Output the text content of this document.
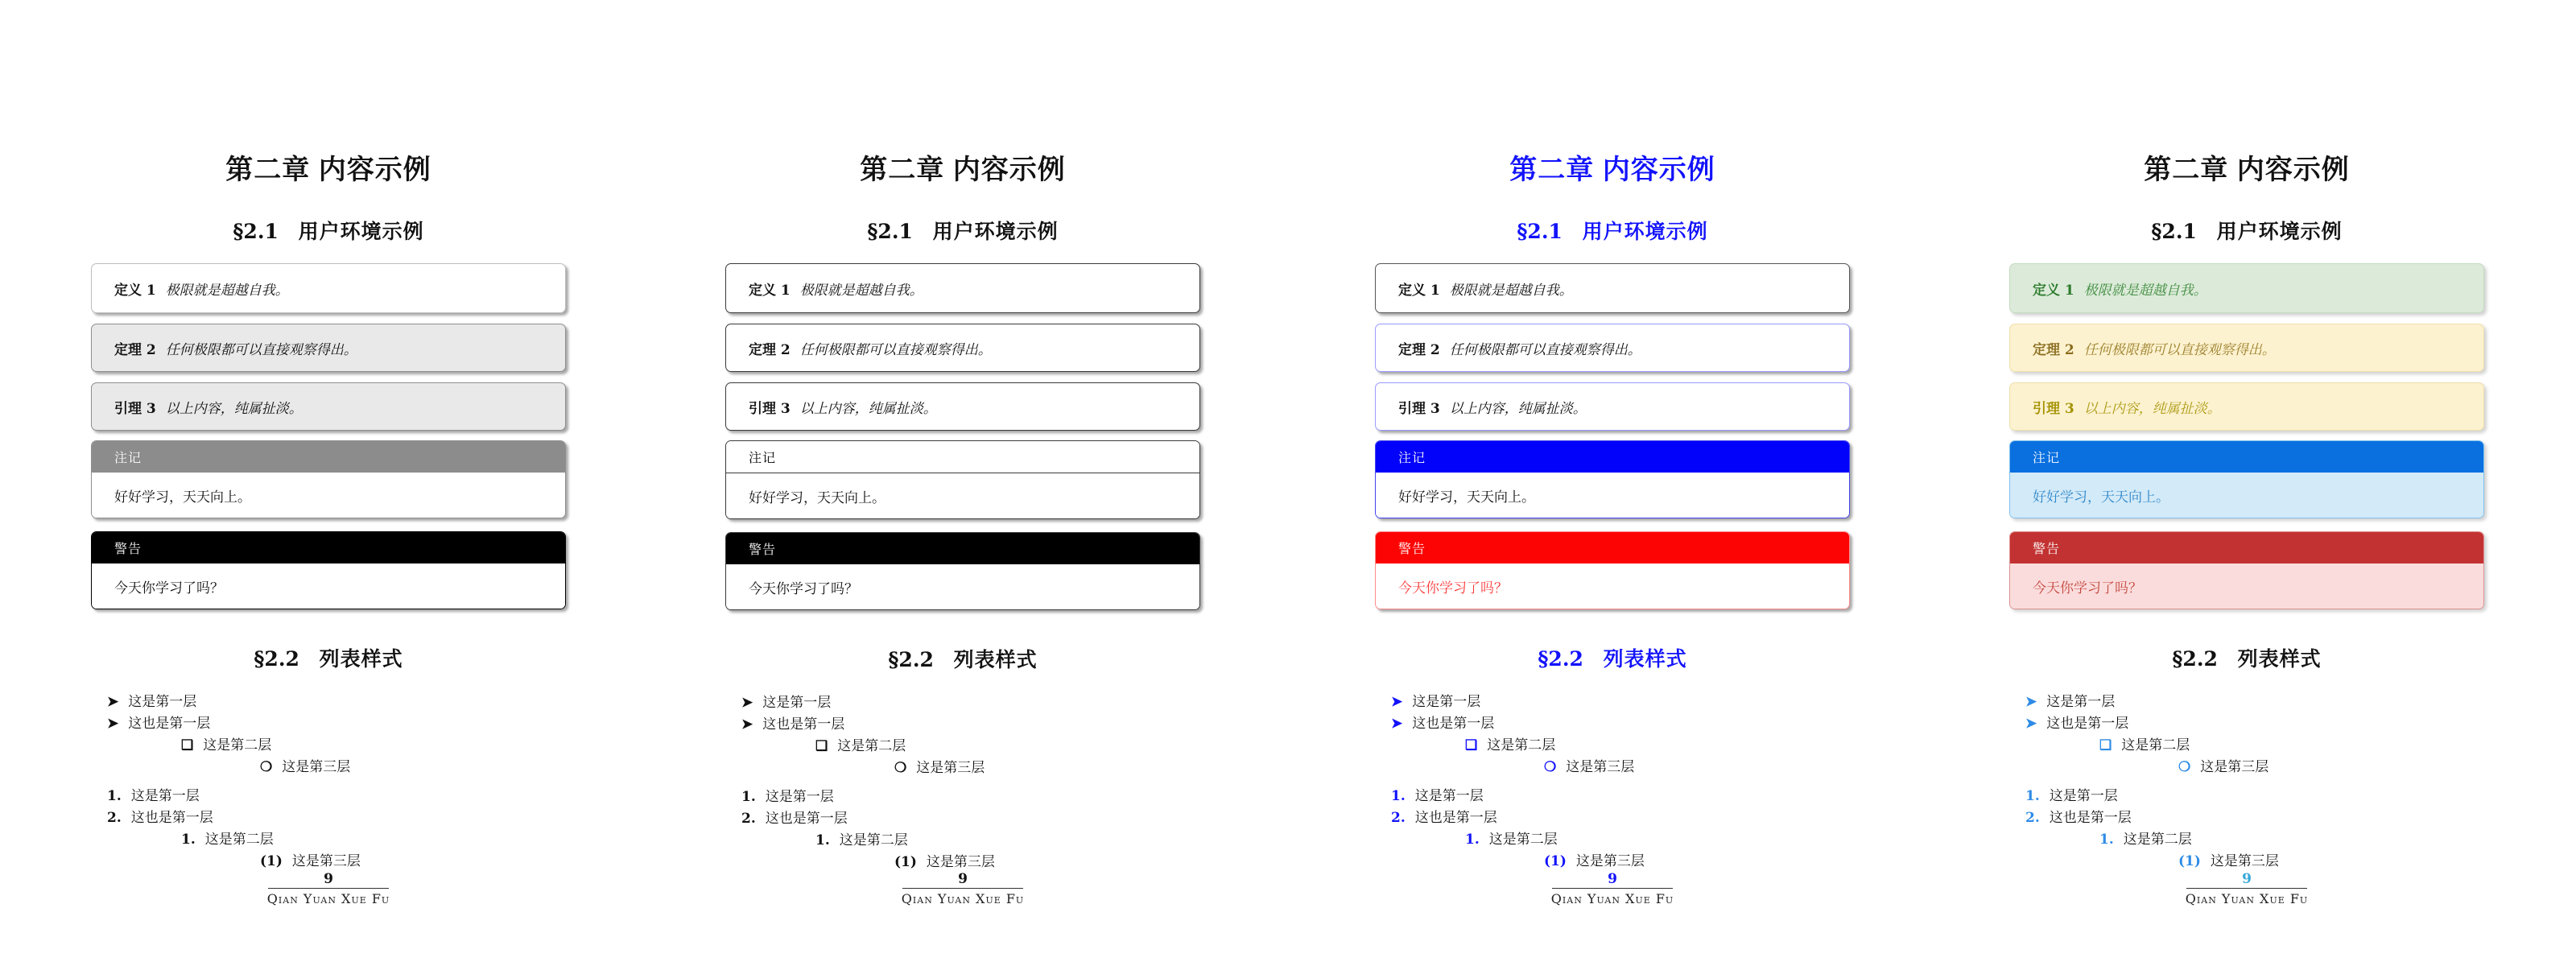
第二章 内容示例
§2.1 用户环境示例
定义 1 极限就是超越自我。
定理 2 任何极限都可以直接观察得出。
引理 3 以上内容，纯属扯淡。
注记
好好学习，天天向上。
警告
今天你学习了吗？
§2.2 列表样式
➤ 这是第一层
➤ 这也是第一层
❑ 这是第二层
❍ 这是第三层
1. 这是第一层
2. 这也是第一层
1. 这是第二层
(1) 这是第三层
9
Qian Yuan Xue Fu
第二章 内容示例
§2.1 用户环境示例
定义 1 极限就是超越自我。
定理 2 任何极限都可以直接观察得出。
引理 3 以上内容，纯属扯淡。
注记
好好学习，天天向上。
警告
今天你学习了吗？
§2.2 列表样式
➤ 这是第一层
➤ 这也是第一层
❑ 这是第二层
❍ 这是第三层
1. 这是第一层
2. 这也是第一层
1. 这是第二层
(1) 这是第三层
9
Qian Yuan Xue Fu
第二章 内容示例
§2.1 用户环境示例
定义 1 极限就是超越自我。
定理 2 任何极限都可以直接观察得出。
引理 3 以上内容，纯属扯淡。
注记
好好学习，天天向上。
警告
今天你学习了吗？
§2.2 列表样式
➤ 这是第一层
➤ 这也是第一层
❑ 这是第二层
❍ 这是第三层
1. 这是第一层
2. 这也是第一层
1. 这是第二层
(1) 这是第三层
9
Qian Yuan Xue Fu
第二章 内容示例
§2.1 用户环境示例
定义 1 极限就是超越自我。
定理 2 任何极限都可以直接观察得出。
引理 3 以上内容，纯属扯淡。
注记
好好学习，天天向上。
警告
今天你学习了吗？
§2.2 列表样式
➤ 这是第一层
➤ 这也是第一层
❑ 这是第二层
❍ 这是第三层
1. 这是第一层
2. 这也是第一层
1. 这是第二层
(1) 这是第三层
9
Qian Yuan Xue Fu
